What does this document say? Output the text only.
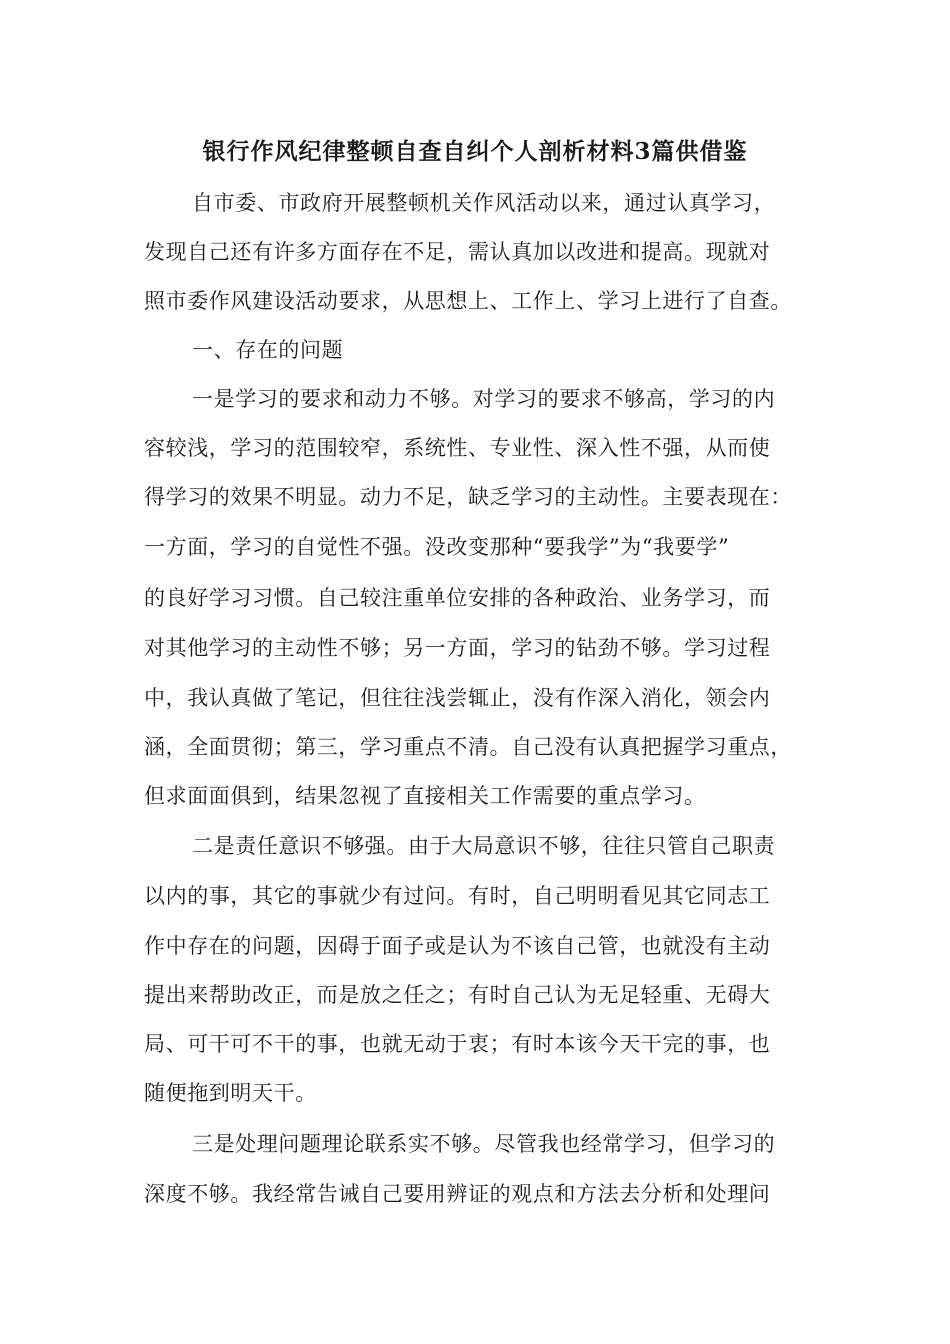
银行作风纪律整顿自查自纠个人剖析材料3篇供借鉴

自市委、市政府开展整顿机关作风活动以来，通过认真学习，

发现自己还有许多方面存在不足，需认真加以改进和提高。现就对

照市委作风建设活动要求，从思想上、工作上、学习上进行了自查。

一、存在的问题

一是学习的要求和动力不够。对学习的要求不够高，学习的内

容较浅，学习的范围较窄，系统性、专业性、深入性不强，从而使

得学习的效果不明显。动力不足，缺乏学习的主动性。主要表现在：

一方面，学习的自觉性不强。没改变那种“要我学”为“我要学”

的良好学习习惯。自己较注重单位安排的各种政治、业务学习，而

对其他学习的主动性不够；另一方面，学习的钻劲不够。学习过程

中，我认真做了笔记，但往往浅尝辄止，没有作深入消化，领会内

涵，全面贯彻；第三，学习重点不清。自己没有认真把握学习重点，

但求面面俱到，结果忽视了直接相关工作需要的重点学习。

二是责任意识不够强。由于大局意识不够，往往只管自己职责

以内的事，其它的事就少有过问。有时，自己明明看见其它同志工

作中存在的问题，因碍于面子或是认为不该自己管，也就没有主动

提出来帮助改正，而是放之任之；有时自己认为无足轻重、无碍大

局、可干可不干的事，也就无动于衷；有时本该今天干完的事，也

随便拖到明天干。

三是处理问题理论联系实不够。尽管我也经常学习，但学习的

深度不够。我经常告诫自己要用辨证的观点和方法去分析和处理问
